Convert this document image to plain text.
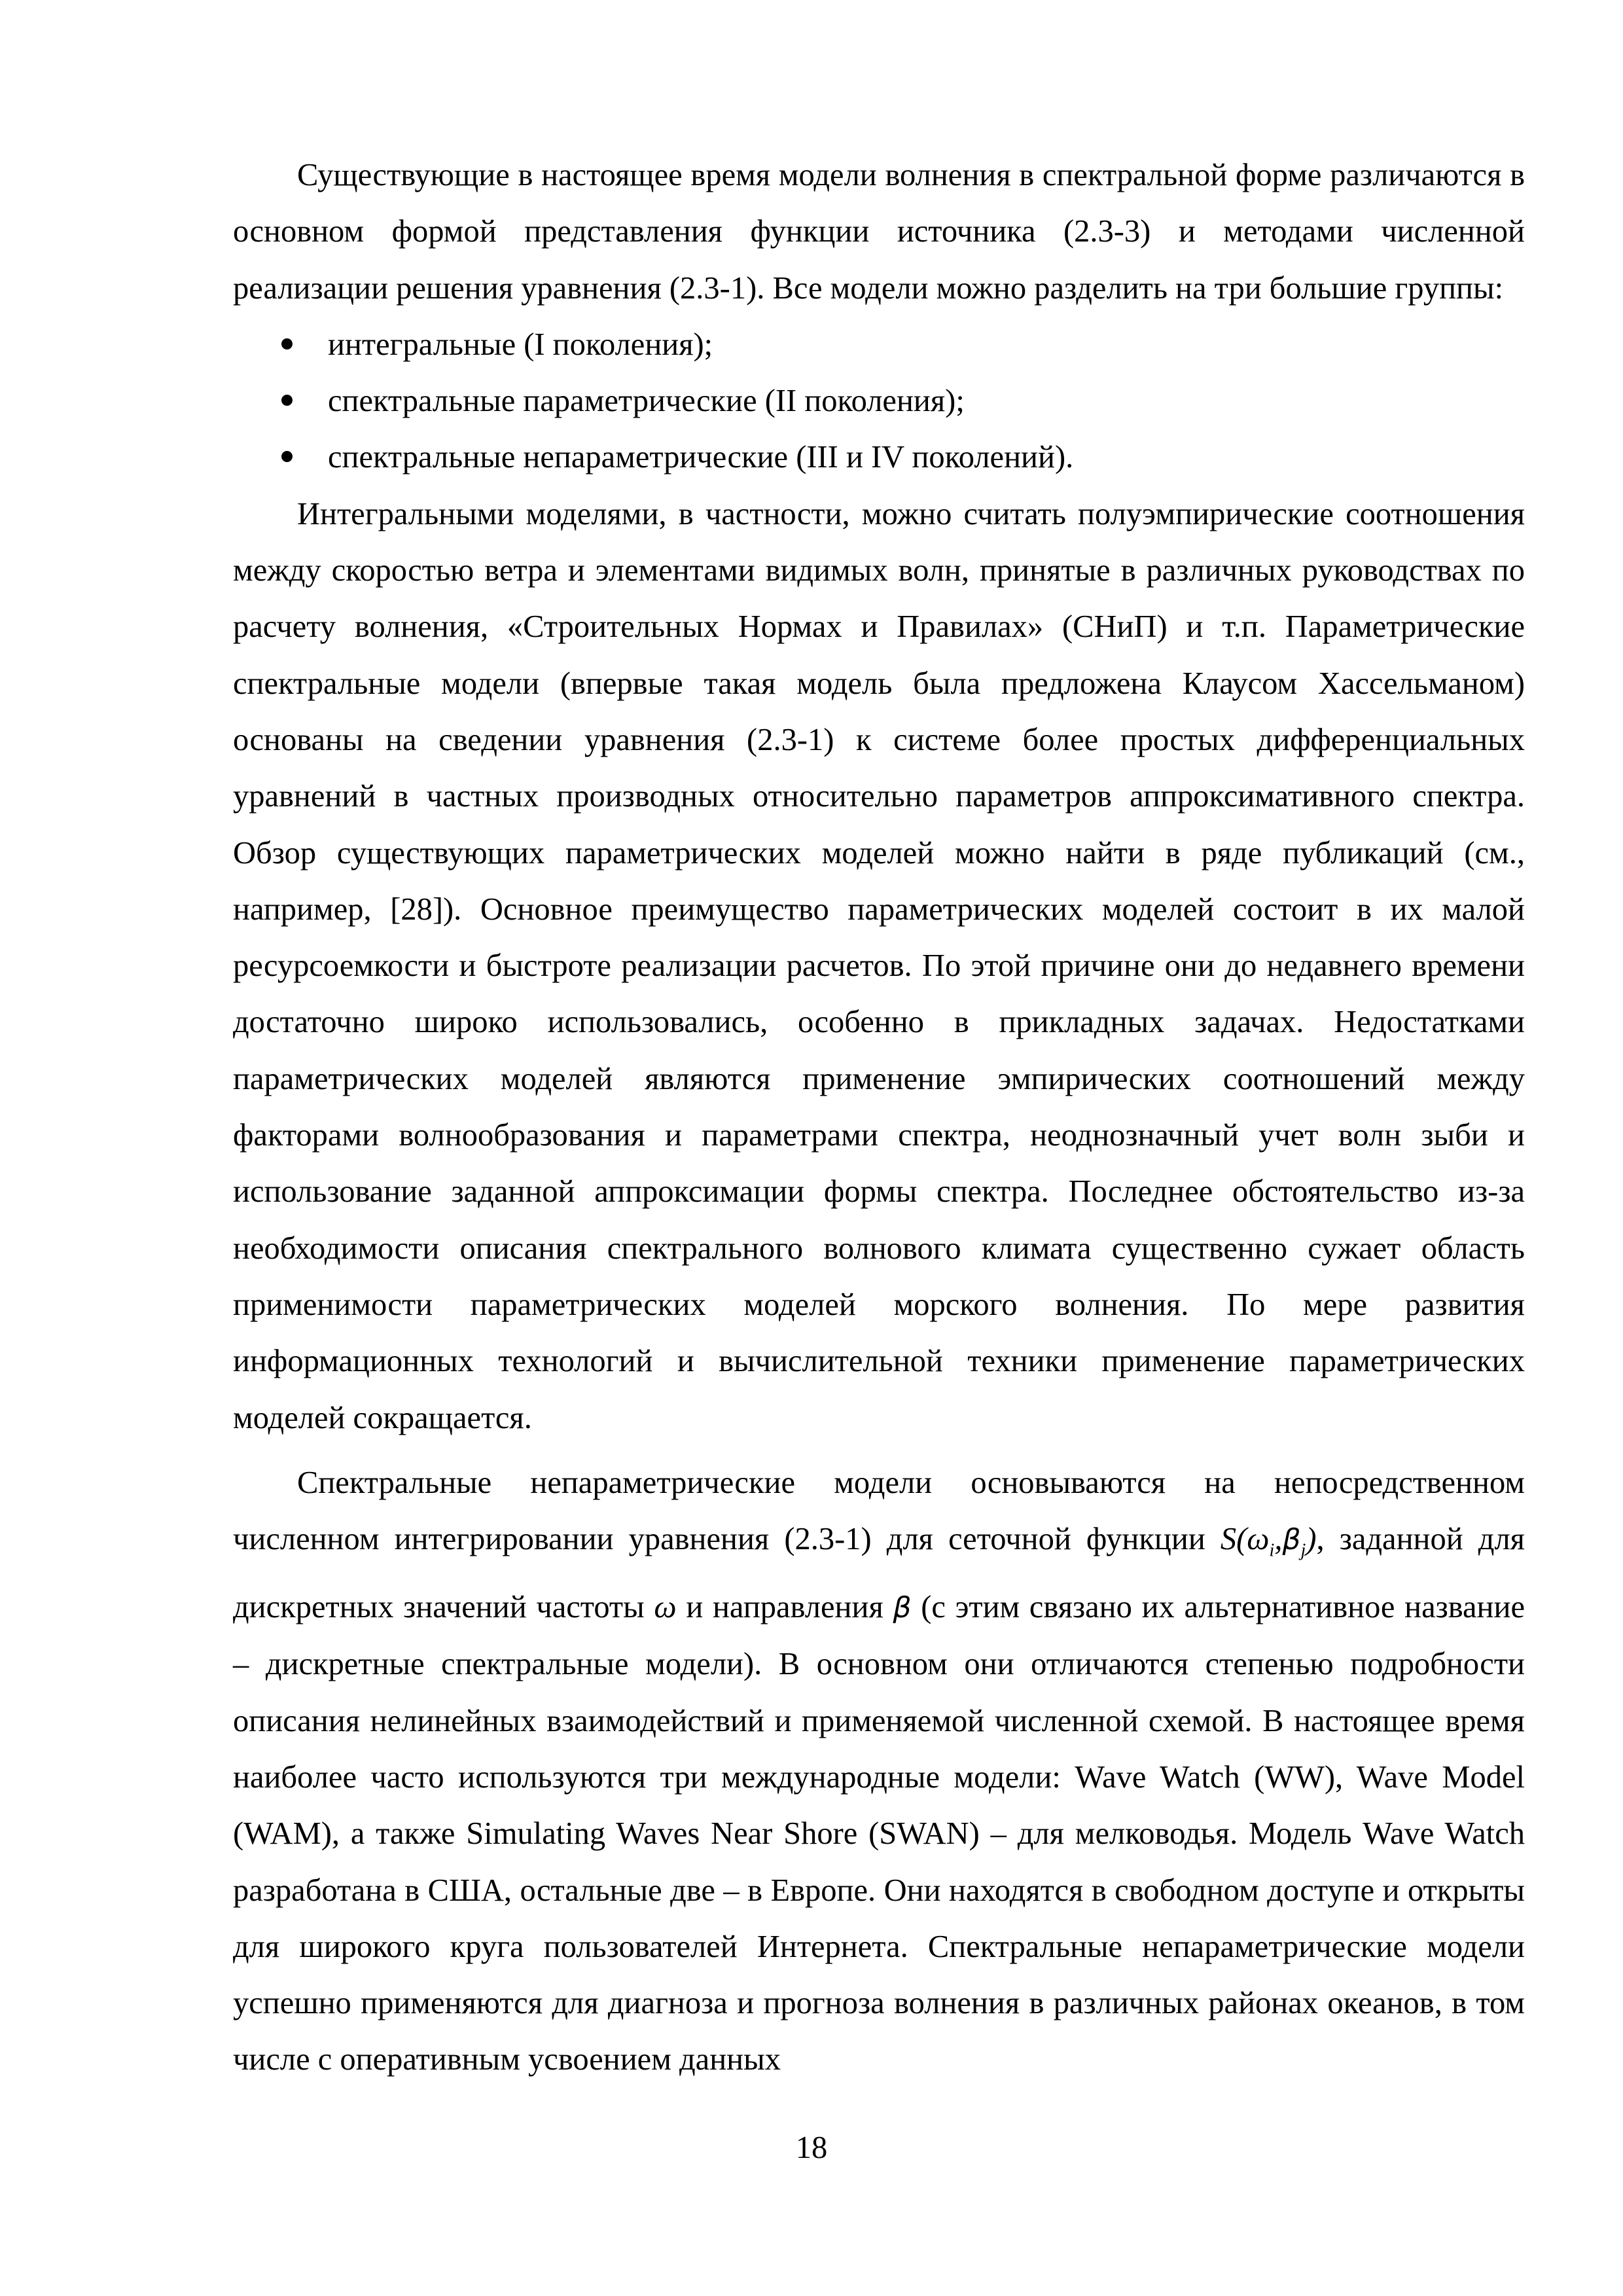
Существующие в настоящее время модели волнения в спектральной форме различаются в основном формой представления функции источника (2.3-3) и методами численной реализации решения уравнения (2.3-1). Все модели можно разделить на три большие группы:

интегральные (I поколения);
спектральные параметрические (II поколения);
спектральные непараметрические (III и IV поколений).

Интегральными моделями, в частности, можно считать полуэмпирические соотношения между скоростью ветра и элементами видимых волн, принятые в различных руководствах по расчету волнения, «Строительных Нормах и Правилах» (СНиП) и т.п. Параметрические спектральные модели (впервые такая модель была предложена Клаусом Хассельманом) основаны на сведении уравнения (2.3-1) к системе более простых дифференциальных уравнений в частных производных относительно параметров аппроксимативного спектра. Обзор существующих параметрических моделей можно найти в ряде публикаций (см., например, [28]). Основное преимущество параметрических моделей состоит в их малой ресурсоемкости и быстроте реализации расчетов. По этой причине они до недавнего времени достаточно широко использовались, особенно в прикладных задачах. Недостатками параметрических моделей являются применение эмпирических соотношений между факторами волнообразования и параметрами спектра, неоднозначный учет волн зыби и использование заданной аппроксимации формы спектра. Последнее обстоятельство из-за необходимости описания спектрального волнового климата существенно сужает область применимости параметрических моделей морского волнения. По мере развития информационных технологий и вычислительной техники применение параметрических моделей сокращается.

Спектральные непараметрические модели основываются на непосредственном численном интегрировании уравнения (2.3-1) для сеточной функции $S(\omega_i,\beta_j)$, заданной для дискретных значений частоты ω и направления β (с этим связано их альтернативное название – дискретные спектральные модели). В основном они отличаются степенью подробности описания нелинейных взаимодействий и применяемой численной схемой. В настоящее время наиболее часто используются три международные модели: Wave Watch (WW), Wave Model (WAM), а также Simulating Waves Near Shore (SWAN) – для мелководья. Модель Wave Watch разработана в США, остальные две – в Европе. Они находятся в свободном доступе и открыты для широкого круга пользователей Интернета. Спектральные непараметрические модели успешно применяются для диагноза и прогноза волнения в различных районах океанов, в том числе с оперативным усвоением данных

18
